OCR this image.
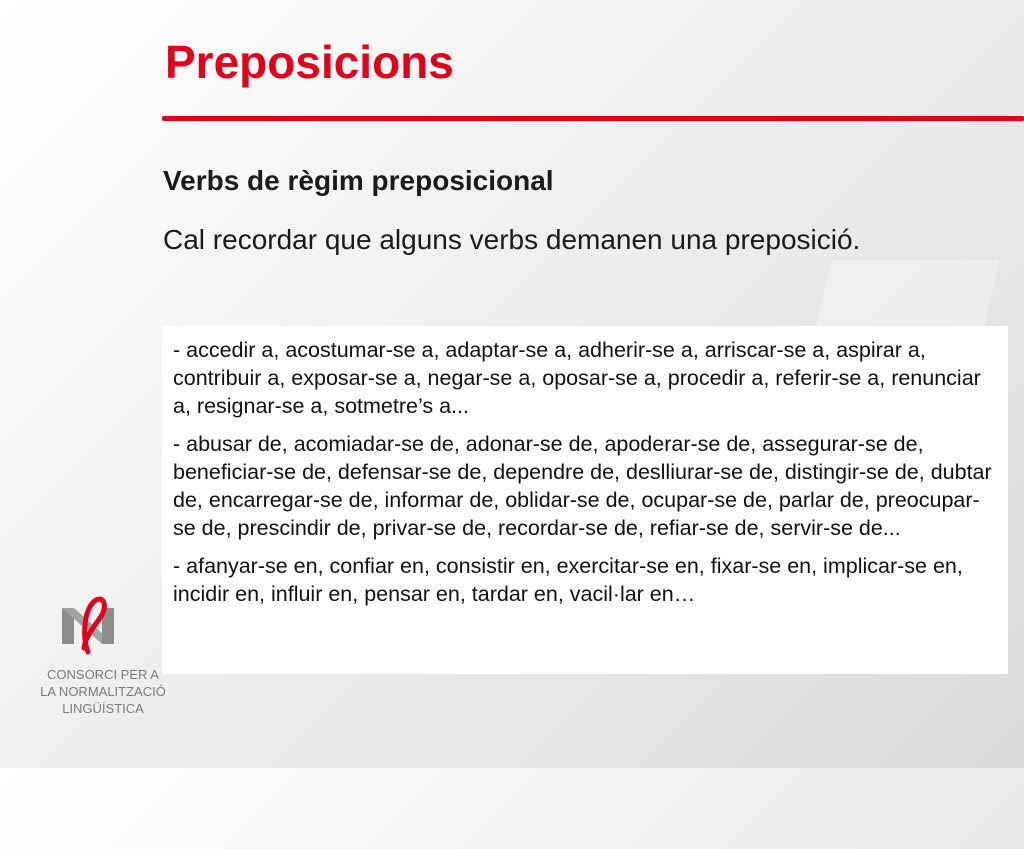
Preposicions
Verbs de règim preposicional
Cal recordar que alguns verbs demanen una preposició.

- accedir a, acostumar-se a, adaptar-se a, adherir-se a, arriscar-se a, aspirar a, contribuir a, exposar-se a, negar-se a, oposar-se a, procedir a, referir-se a, renunciar a, resignar-se a, sotmetre’s a...

- abusar de, acomiadar-se de, adonar-se de, apoderar-se de, assegurar-se de, beneficiar-se de, defensar-se de, dependre de, deslliurar-se de, distingir-se de, dubtar de, encarregar-se de, informar de, oblidar-se de, ocupar-se de, parlar de, preocupar-se de, prescindir de, privar-se de, recordar-se de, refiar-se de, servir-se de...

- afanyar-se en, confiar en, consistir en, exercitar-se en, fixar-se en, implicar-se en, incidir en, influir en, pensar en, tardar en, vacil·lar en…

CONSORCI PER A
LA NORMALITZACIÓ
LINGÜÍSTICA
